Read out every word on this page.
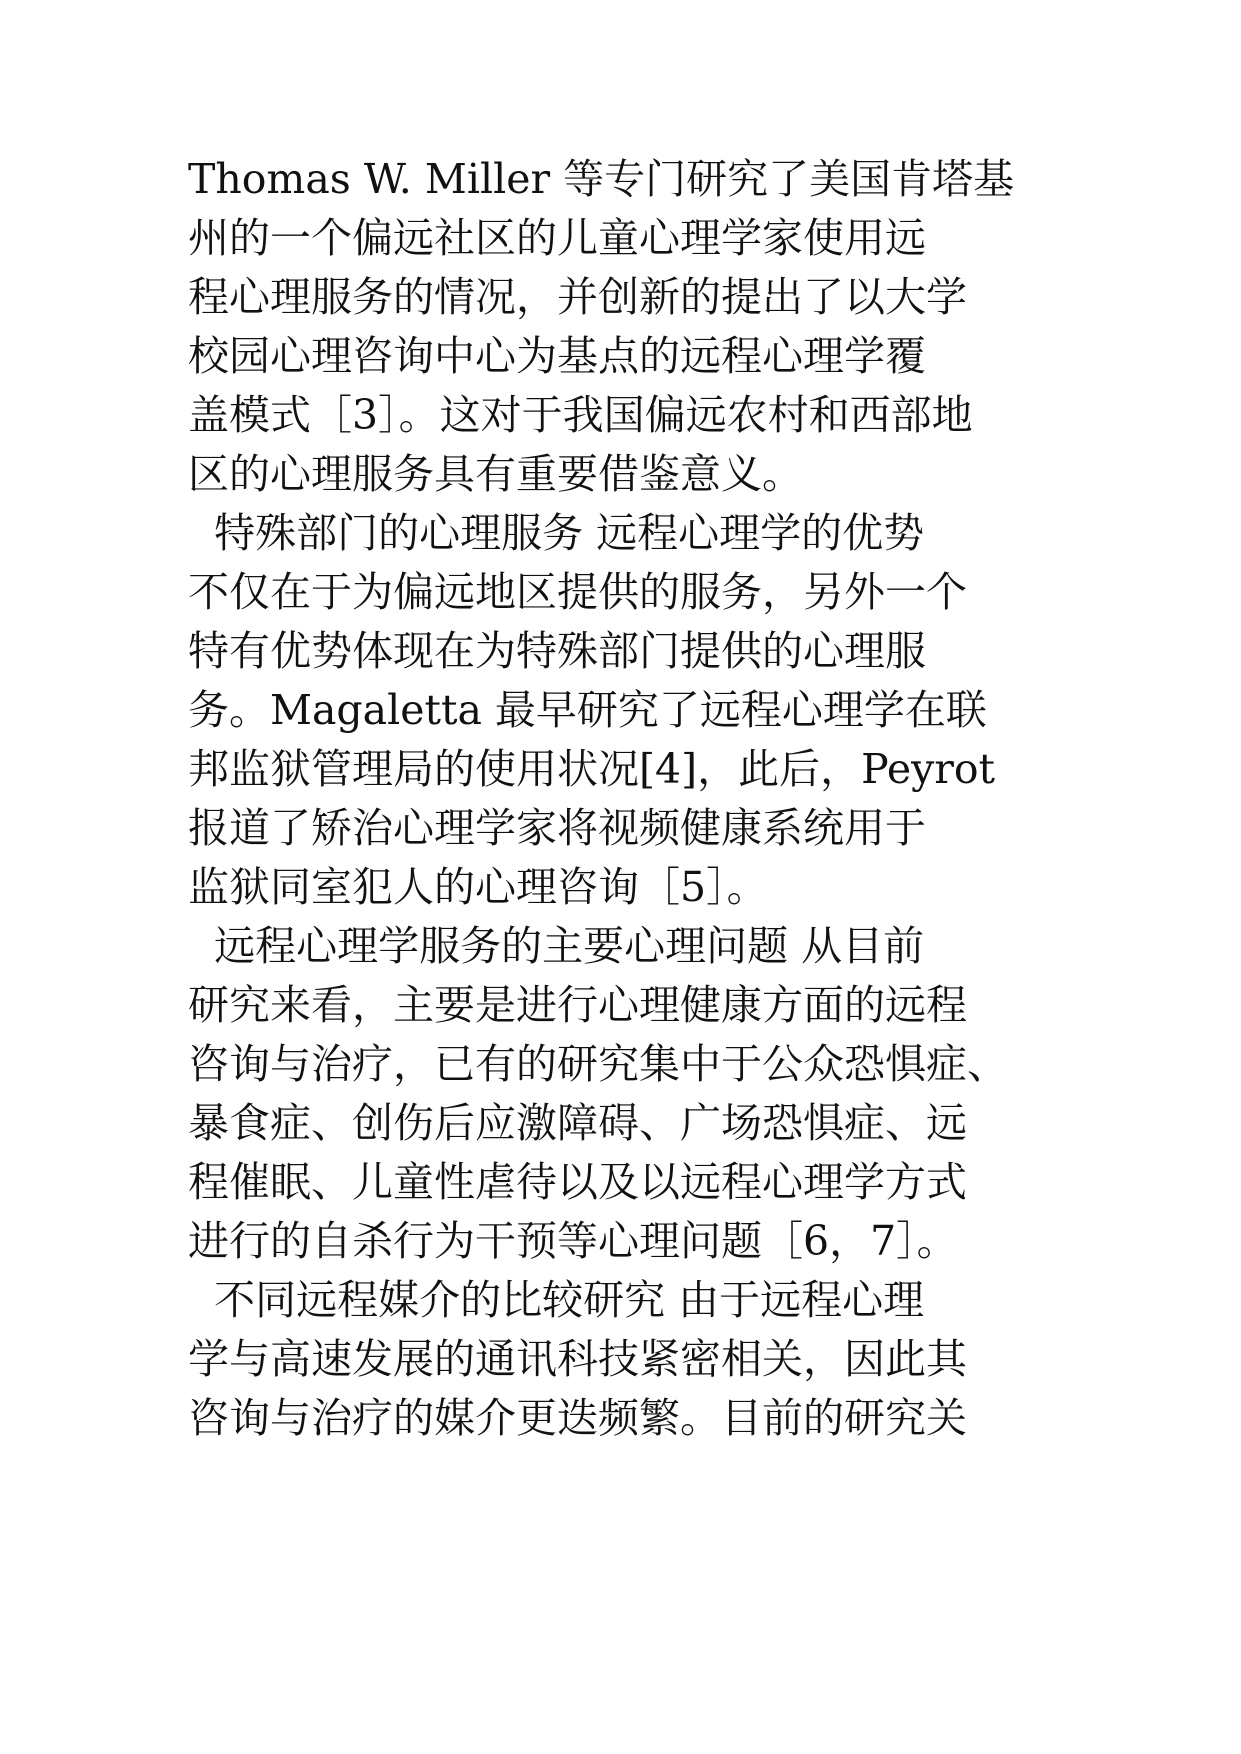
Thomas W. Miller 等专门研究了美国肯塔基
州的一个偏远社区的儿童心理学家使用远
程心理服务的情况，并创新的提出了以大学
校园心理咨询中心为基点的远程心理学覆
盖模式［3］。这对于我国偏远农村和西部地
区的心理服务具有重要借鉴意义。
特殊部门的心理服务 远程心理学的优势
不仅在于为偏远地区提供的服务，另外一个
特有优势体现在为特殊部门提供的心理服
务。Magaletta 最早研究了远程心理学在联
邦监狱管理局的使用状况[4]，此后，Peyrot
报道了矫治心理学家将视频健康系统用于
监狱同室犯人的心理咨询［5］。
远程心理学服务的主要心理问题 从目前
研究来看，主要是进行心理健康方面的远程
咨询与治疗，已有的研究集中于公众恐惧症、
暴食症、创伤后应激障碍、广场恐惧症、远
程催眠、儿童性虐待以及以远程心理学方式
进行的自杀行为干预等心理问题［6，7］。
不同远程媒介的比较研究 由于远程心理
学与高速发展的通讯科技紧密相关，因此其
咨询与治疗的媒介更迭频繁。目前的研究关
